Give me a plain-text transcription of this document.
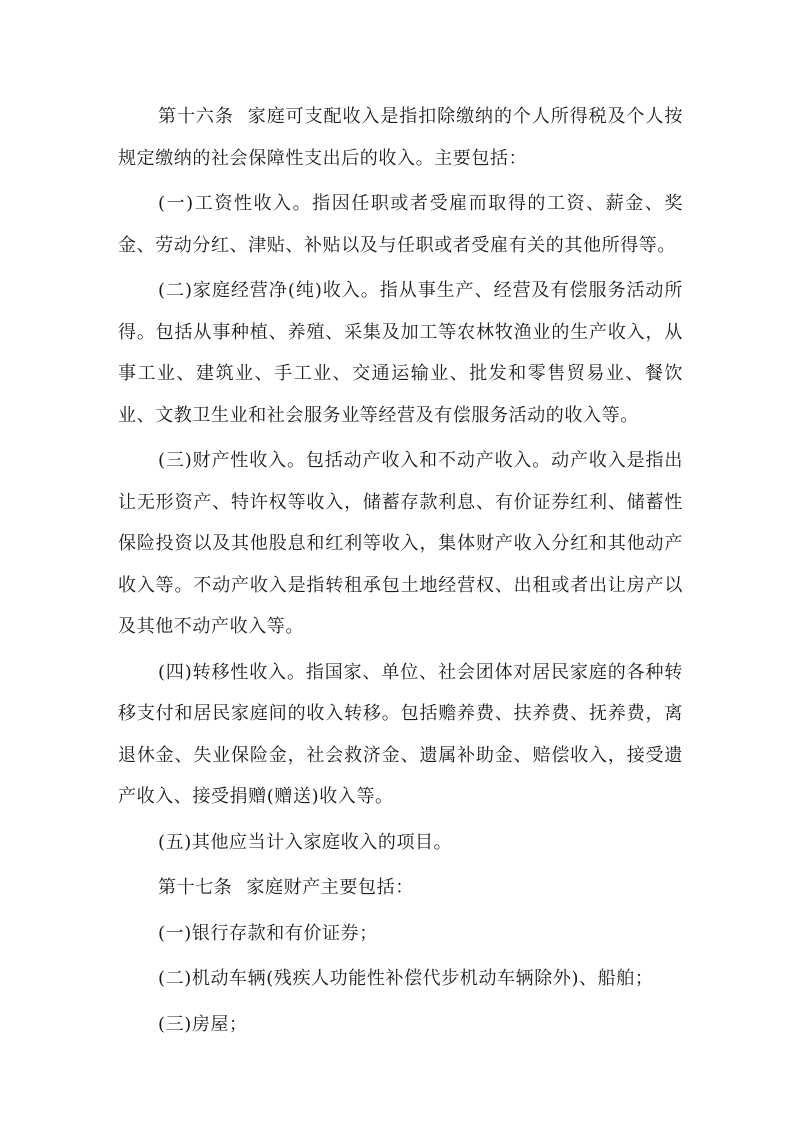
第十六条 家庭可支配收入是指扣除缴纳的个人所得税及个人按规定缴纳的社会保障性支出后的收入。主要包括：

(一)工资性收入。指因任职或者受雇而取得的工资、薪金、奖金、劳动分红、津贴、补贴以及与任职或者受雇有关的其他所得等。

(二)家庭经营净(纯)收入。指从事生产、经营及有偿服务活动所得。包括从事种植、养殖、采集及加工等农林牧渔业的生产收入，从事工业、建筑业、手工业、交通运输业、批发和零售贸易业、餐饮业、文教卫生业和社会服务业等经营及有偿服务活动的收入等。

(三)财产性收入。包括动产收入和不动产收入。动产收入是指出让无形资产、特许权等收入，储蓄存款利息、有价证券红利、储蓄性保险投资以及其他股息和红利等收入，集体财产收入分红和其他动产收入等。不动产收入是指转租承包土地经营权、出租或者出让房产以及其他不动产收入等。

(四)转移性收入。指国家、单位、社会团体对居民家庭的各种转移支付和居民家庭间的收入转移。包括赡养费、扶养费、抚养费，离退休金、失业保险金，社会救济金、遗属补助金、赔偿收入，接受遗产收入、接受捐赠(赠送)收入等。

(五)其他应当计入家庭收入的项目。

第十七条 家庭财产主要包括：

(一)银行存款和有价证券；

(二)机动车辆(残疾人功能性补偿代步机动车辆除外)、船舶；

(三)房屋；
